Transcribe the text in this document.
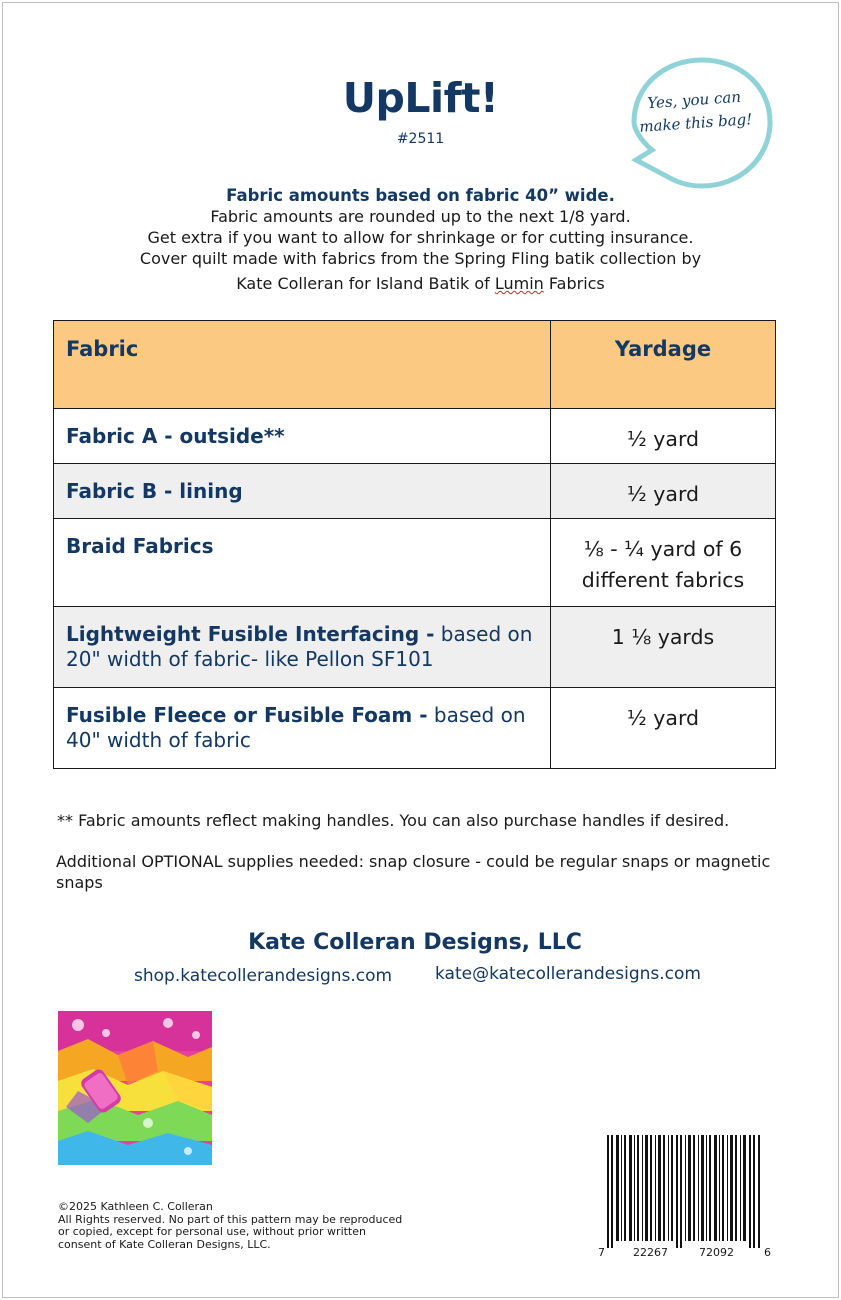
UpLift!
#2511
Yes, you can
make this bag!
Fabric amounts based on fabric 40” wide.
Fabric amounts are rounded up to the next 1/8 yard.
Get extra if you want to allow for shrinkage or for cutting insurance.
Cover quilt made with fabrics from the Spring Fling batik collection by
Kate Colleran for Island Batik of Lumin Fabrics
Fabric	Yardage
Fabric A - outside**	½ yard
Fabric B - lining	½ yard
Braid Fabrics	⅛ - ¼ yard of 6 different fabrics
Lightweight Fusible Interfacing - based on 20" width of fabric- like Pellon SF101	1 ⅛ yards
Fusible Fleece or Fusible Foam - based on 40" width of fabric	½ yard
** Fabric amounts reflect making handles. You can also purchase handles if desired.
Additional OPTIONAL supplies needed: snap closure - could be regular snaps or magnetic snaps
Kate Colleran Designs, LLC
shop.katecollerandesigns.com	kate@katecollerandesigns.com
©2025 Kathleen C. Colleran
All Rights reserved. No part of this pattern may be reproduced
or copied, except for personal use, without prior written
consent of Kate Colleran Designs, LLC.
7	22267	72092	6
